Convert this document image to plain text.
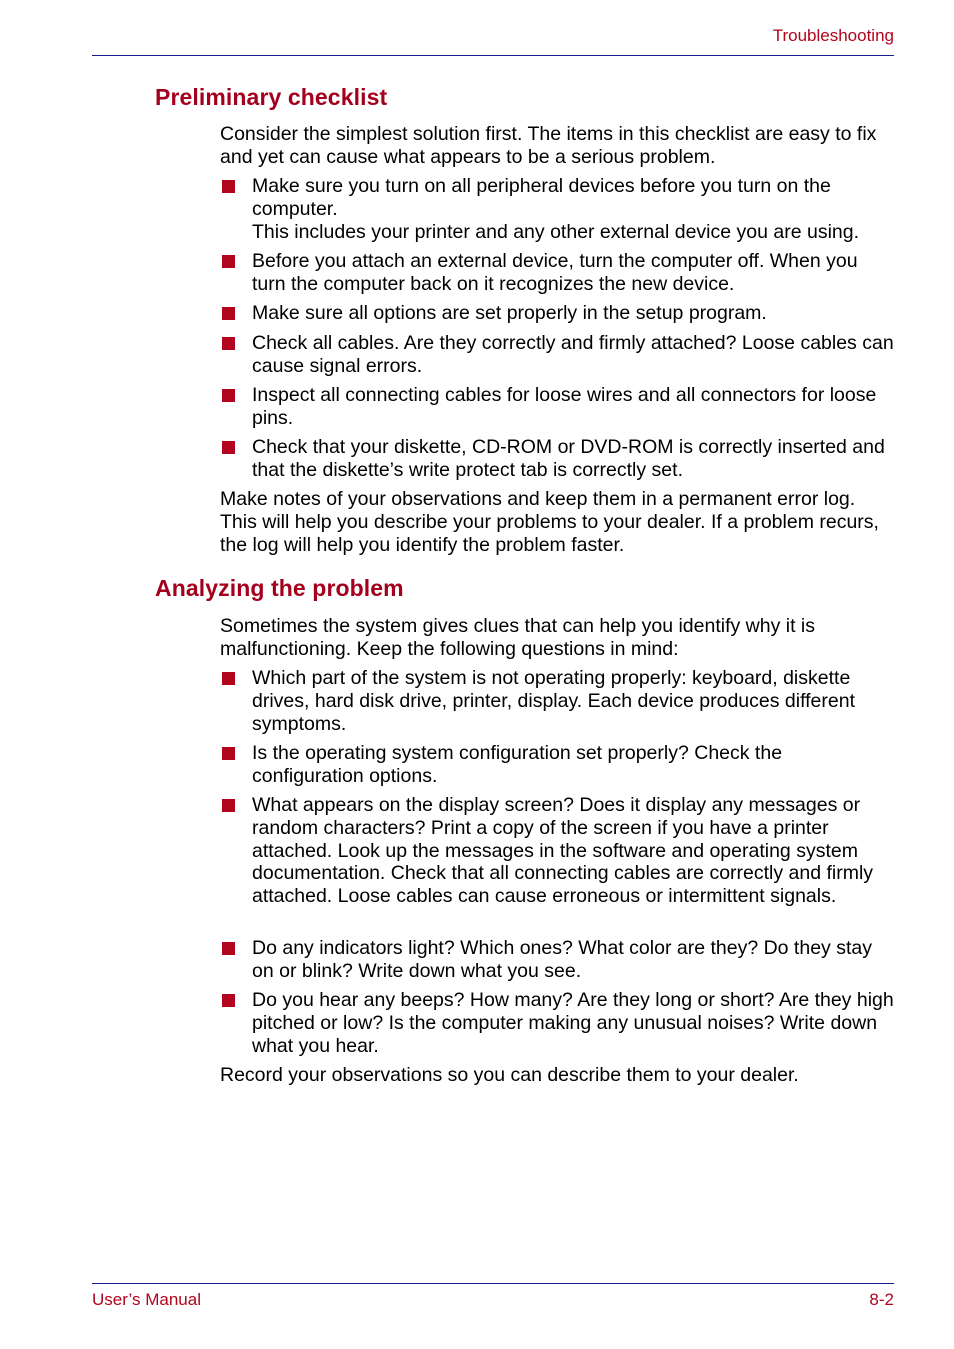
Troubleshooting
Preliminary checklist

Consider the simplest solution first. The items in this checklist are easy to fix and yet can cause what appears to be a serious problem.

Make sure you turn on all peripheral devices before you turn on the computer.
This includes your printer and any other external device you are using.
Before you attach an external device, turn the computer off. When you turn the computer back on it recognizes the new device.
Make sure all options are set properly in the setup program.
Check all cables. Are they correctly and firmly attached? Loose cables can cause signal errors.
Inspect all connecting cables for loose wires and all connectors for loose pins.
Check that your diskette, CD-ROM or DVD-ROM is correctly inserted and that the diskette’s write protect tab is correctly set.

Make notes of your observations and keep them in a permanent error log. This will help you describe your problems to your dealer. If a problem recurs, the log will help you identify the problem faster.

Analyzing the problem

Sometimes the system gives clues that can help you identify why it is malfunctioning. Keep the following questions in mind:

Which part of the system is not operating properly: keyboard, diskette drives, hard disk drive, printer, display. Each device produces different symptoms.
Is the operating system configuration set properly? Check the configuration options.
What appears on the display screen? Does it display any messages or random characters? Print a copy of the screen if you have a printer attached. Look up the messages in the software and operating system documentation. Check that all connecting cables are correctly and firmly attached. Loose cables can cause erroneous or intermittent signals.
Do any indicators light? Which ones? What color are they? Do they stay on or blink? Write down what you see.
Do you hear any beeps? How many? Are they long or short? Are they high pitched or low? Is the computer making any unusual noises? Write down what you hear.

Record your observations so you can describe them to your dealer.

User’s Manual	8-2
